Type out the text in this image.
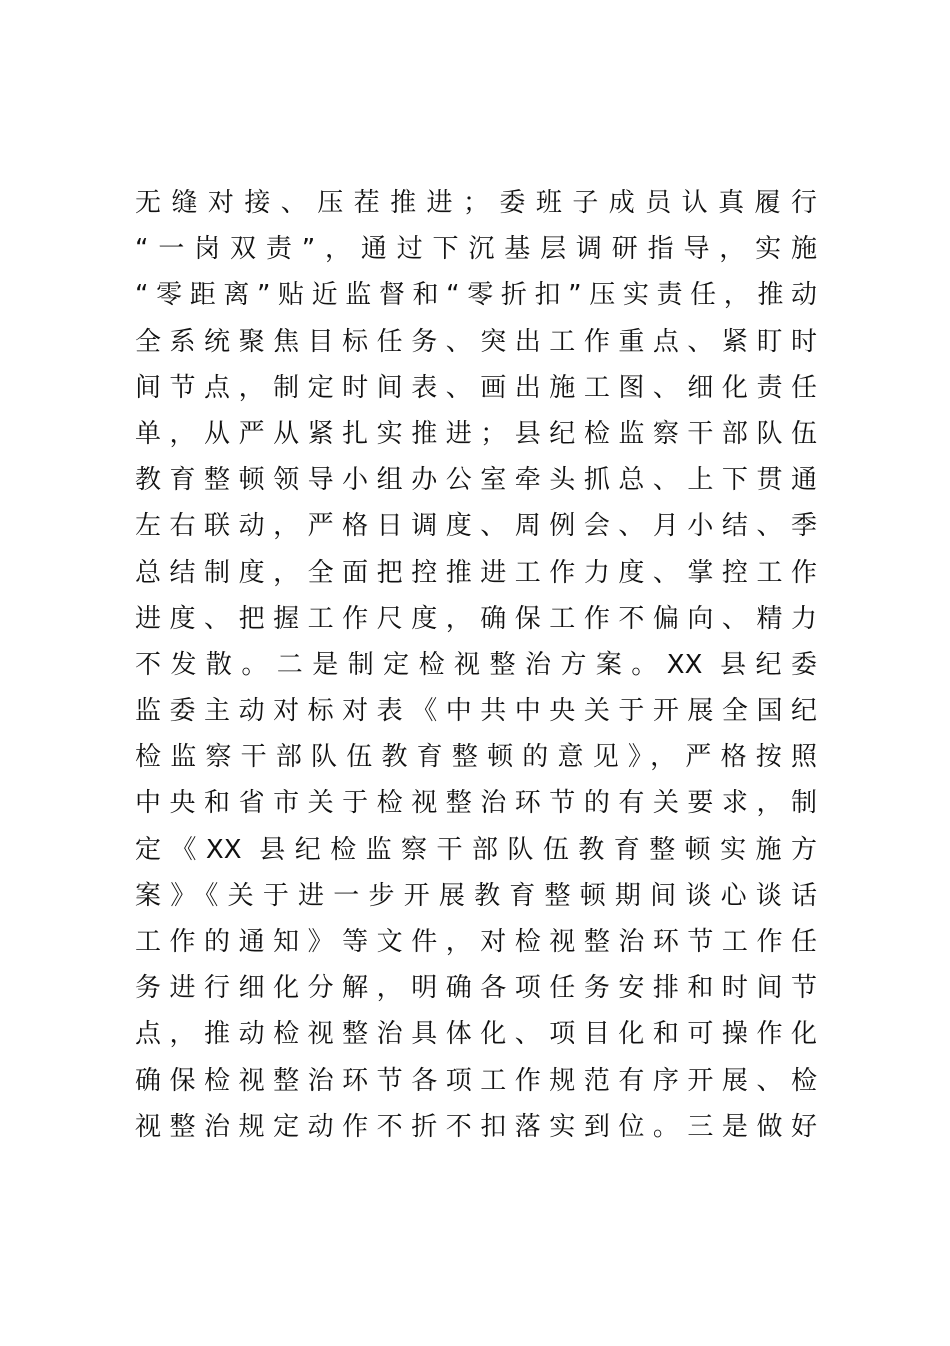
无缝对接、压茬推进；委班子成员认真履行
“一岗双责”，通过下沉基层调研指导，实施
“零距离”贴近监督和“零折扣”压实责任，推动
全系统聚焦目标任务、突出工作重点、紧盯时
间节点，制定时间表、画出施工图、细化责任
单，从严从紧扎实推进；县纪检监察干部队伍
教育整顿领导小组办公室牵头抓总、上下贯通
左右联动，严格日调度、周例会、月小结、季
总结制度，全面把控推进工作力度、掌控工作
进度、把握工作尺度，确保工作不偏向、精力
不发散。二是制定检视整治方案。XX 县纪委
监委主动对标对表《中共中央关于开展全国纪
检监察干部队伍教育整顿的意见》，严格按照
中央和省市关于检视整治环节的有关要求，制
定《XX 县纪检监察干部队伍教育整顿实施方
案》《关于进一步开展教育整顿期间谈心谈话
工作的通知》等文件，对检视整治环节工作任
务进行细化分解，明确各项任务安排和时间节
点，推动检视整治具体化、项目化和可操作化
确保检视整治环节各项工作规范有序开展、检
视整治规定动作不折不扣落实到位。三是做好
